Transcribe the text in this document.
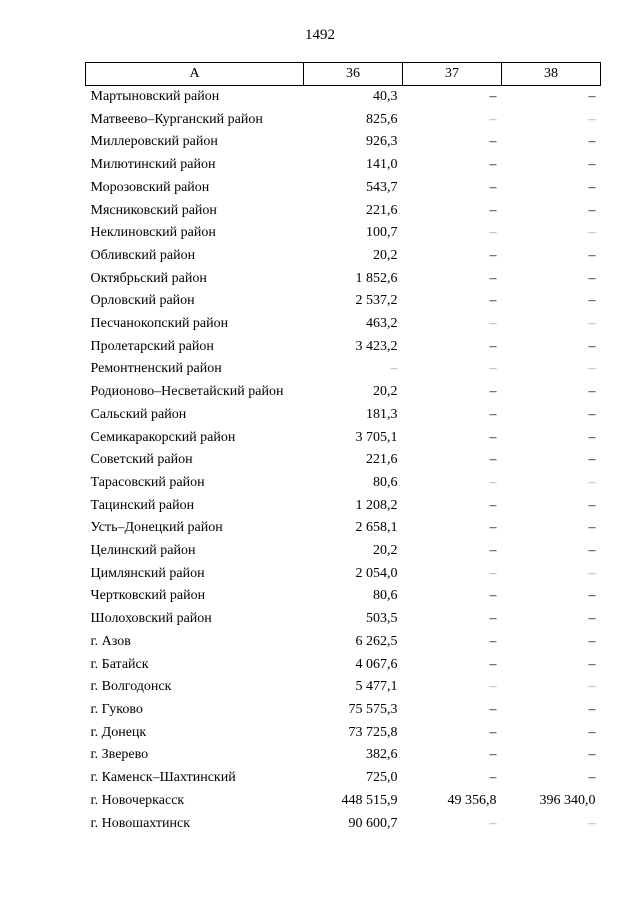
1492
А	36	37	38
Мартыновский район	40,3	–	–
Матвеево–Курганский район	825,6	–	–
Миллеровский район	926,3	–	–
Милютинский район	141,0	–	–
Морозовский район	543,7	–	–
Мясниковский район	221,6	–	–
Неклиновский район	100,7	–	–
Обливский район	20,2	–	–
Октябрьский район	1 852,6	–	–
Орловский район	2 537,2	–	–
Песчанокопский район	463,2	–	–
Пролетарский район	3 423,2	–	–
Ремонтненский район	–	–	–
Родионово–Несветайский район	20,2	–	–
Сальский район	181,3	–	–
Семикаракорский район	3 705,1	–	–
Советский район	221,6	–	–
Тарасовский район	80,6	–	–
Тацинский район	1 208,2	–	–
Усть–Донецкий район	2 658,1	–	–
Целинский район	20,2	–	–
Цимлянский район	2 054,0	–	–
Чертковский район	80,6	–	–
Шолоховский район	503,5	–	–
г. Азов	6 262,5	–	–
г. Батайск	4 067,6	–	–
г. Волгодонск	5 477,1	–	–
г. Гуково	75 575,3	–	–
г. Донецк	73 725,8	–	–
г. Зверево	382,6	–	–
г. Каменск–Шахтинский	725,0	–	–
г. Новочеркасск	448 515,9	49 356,8	396 340,0
г. Новошахтинск	90 600,7	–	–
